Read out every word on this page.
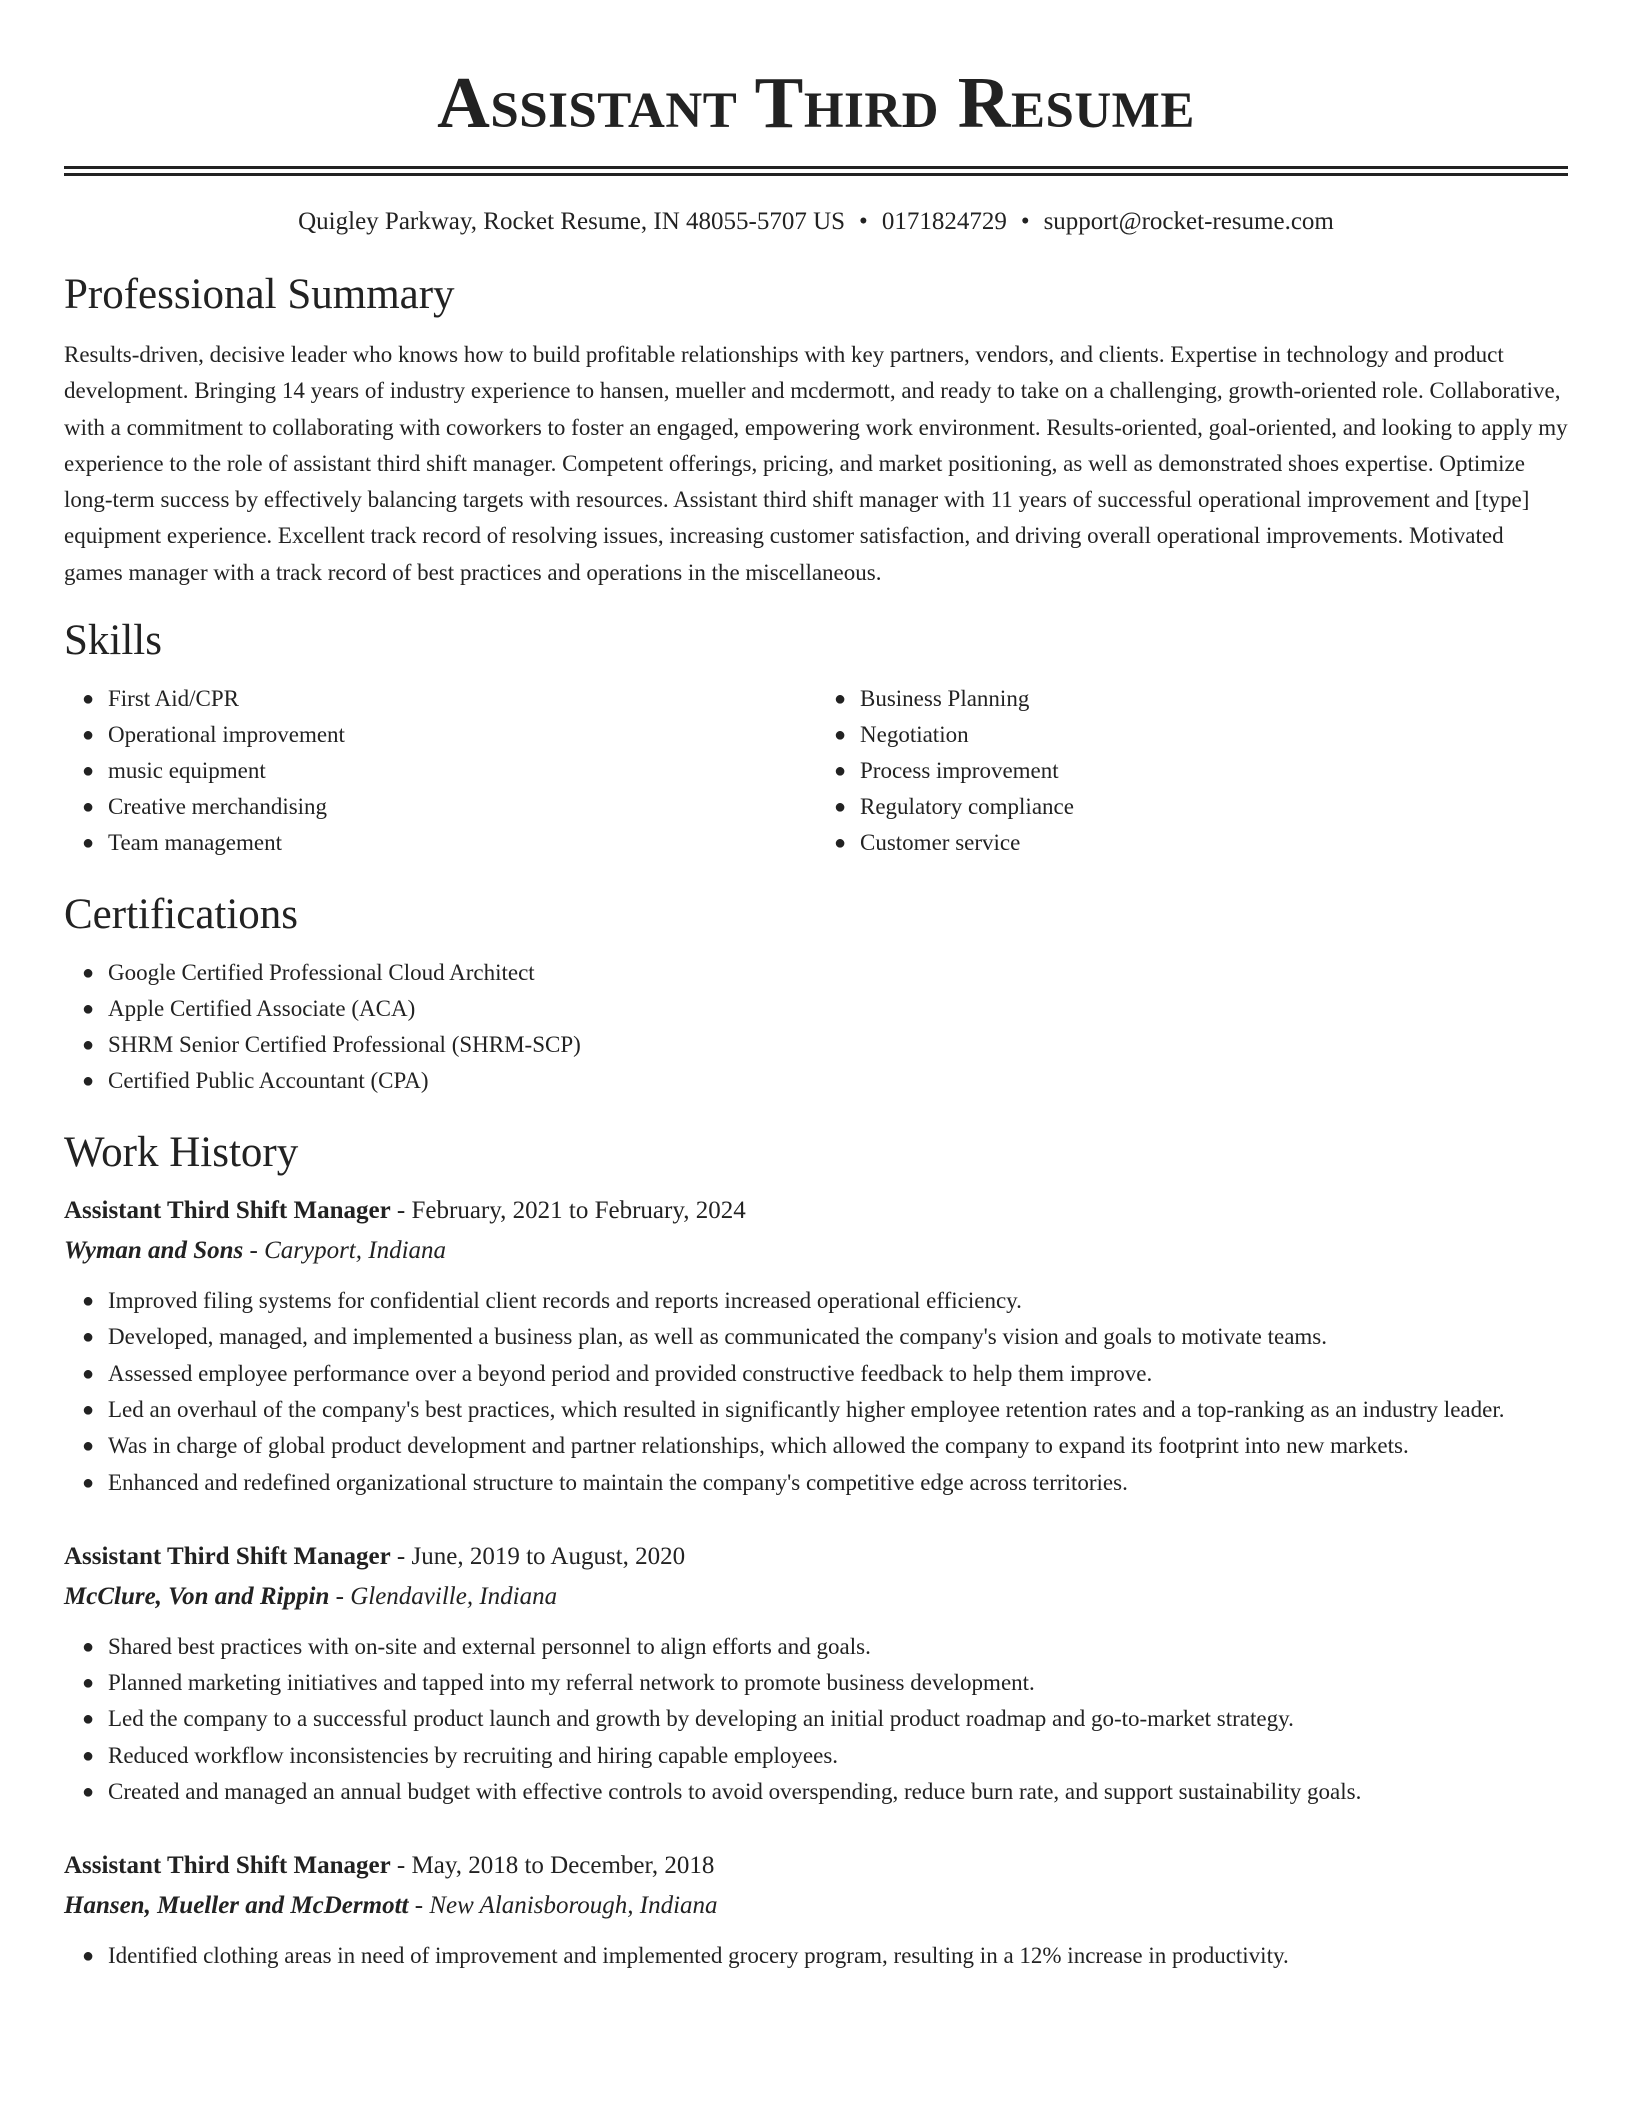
Assistant Third Resume
Quigley Parkway, Rocket Resume, IN 48055-5707 US • 0171824729 • support@rocket-resume.com
Professional Summary

Results-driven, decisive leader who knows how to build profitable relationships with key partners, vendors, and clients. Expertise in technology and product development. Bringing 14 years of industry experience to hansen, mueller and mcdermott, and ready to take on a challenging, growth-oriented role. Collaborative, with a commitment to collaborating with coworkers to foster an engaged, empowering work environment. Results-oriented, goal-oriented, and looking to apply my experience to the role of assistant third shift manager. Competent offerings, pricing, and market positioning, as well as demonstrated shoes expertise. Optimize long-term success by effectively balancing targets with resources. Assistant third shift manager with 11 years of successful operational improvement and [type] equipment experience. Excellent track record of resolving issues, increasing customer satisfaction, and driving overall operational improvements. Motivated games manager with a track record of best practices and operations in the miscellaneous.

Skills
● First Aid/CPR
● Operational improvement
● music equipment
● Creative merchandising
● Team management
● Business Planning
● Negotiation
● Process improvement
● Regulatory compliance
● Customer service
Certifications
● Google Certified Professional Cloud Architect
● Apple Certified Associate (ACA)
● SHRM Senior Certified Professional (SHRM-SCP)
● Certified Public Accountant (CPA)
Work History
Assistant Third Shift Manager - February, 2021 to February, 2024
Wyman and Sons - Caryport, Indiana
● Improved filing systems for confidential client records and reports increased operational efficiency.
● Developed, managed, and implemented a business plan, as well as communicated the company's vision and goals to motivate teams.
● Assessed employee performance over a beyond period and provided constructive feedback to help them improve.
● Led an overhaul of the company's best practices, which resulted in significantly higher employee retention rates and a top-ranking as an industry leader.
● Was in charge of global product development and partner relationships, which allowed the company to expand its footprint into new markets.
● Enhanced and redefined organizational structure to maintain the company's competitive edge across territories.
Assistant Third Shift Manager - June, 2019 to August, 2020
McClure, Von and Rippin - Glendaville, Indiana
● Shared best practices with on-site and external personnel to align efforts and goals.
● Planned marketing initiatives and tapped into my referral network to promote business development.
● Led the company to a successful product launch and growth by developing an initial product roadmap and go-to-market strategy.
● Reduced workflow inconsistencies by recruiting and hiring capable employees.
● Created and managed an annual budget with effective controls to avoid overspending, reduce burn rate, and support sustainability goals.
Assistant Third Shift Manager - May, 2018 to December, 2018
Hansen, Mueller and McDermott - New Alanisborough, Indiana
● Identified clothing areas in need of improvement and implemented grocery program, resulting in a 12% increase in productivity.
